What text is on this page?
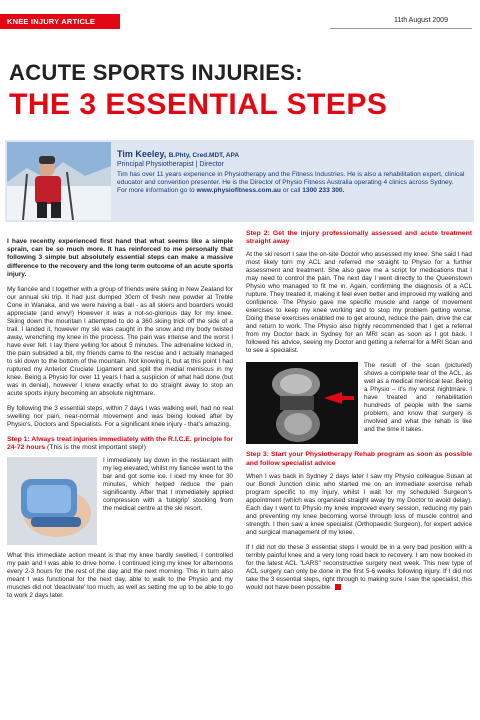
KNEE INJURY ARTICLE	11th August 2009
ACUTE SPORTS INJURIES:
THE 3 ESSENTIAL STEPS
Tim Keeley, B.Phty, Cred.MDT, APA
Principal Physiotherapist | Director
Tim has over 11 years experience in Physiotherapy and the Fitness Industries. He is also a rehabilitation expert, clinical educator and convention presenter. He is the Director of Physio Fitness Australia operating 4 clinics across Sydney.
For more information go to www.physiofitness.com.au or call 1300 233 300.

I have recently experienced first hand that what seems like a simple sprain, can be so much more. It has reinforced to me personally that following 3 simple but absolutely essential steps can make a massive difference to the recovery and the long term outcome of an acute sports injury.

My fiancée and I together with a group of friends were skiing in New Zealand for our annual ski trip. It had just dumped 30cm of fresh new powder at Treble Cone in Wanaka, and we were having a ball - as all skiers and boarders would appreciate (and envy!) However it was a not-so-glorious day for my knee. Skiing down the mountain I attempted to do a 360 skiing trick off the side of a trail. I landed it, however my ski was caught in the snow and my body twisted away, wrenching my knee in the process. The pain was intense and the worst I have ever felt. I lay there yelling for about 5 minutes. The adrenaline kicked in, the pain subsided a bit, my friends came to the rescue and I actually managed to ski down to the bottom of the mountain. Not knowing it, but at this point I had ruptured my Anterior Cruciate Ligament and split the medial meniscus in my knee. Being a Physio for over 11 years I had a suspicion of what had done (but was in denial), however I knew exactly what to do straight away to stop an acute sports injury becoming an absolute nightmare.

By following the 3 essential steps, within 7 days I was walking well, had no real swelling nor pain, near-normal movement and was being looked after by Physio's, Doctors and Specialists. For a significant knee injury - that's amazing.

Step 1: Always treat injuries immediately with the R.I.C.E. principle for 24-72 hours (This is the most important step!)
I immediately lay down in the restaurant with my leg elevated, whilst my fiancée went to the bar and got some ice. I iced my knee for 30 minutes, which helped reduce the pain significantly. After that I immediately applied compression with a 'tubigrip' stocking from the medical centre at the ski resort.

What this immediate action meant is that my knee hardly swelled, I controlled my pain and I was able to drive home. I continued icing my knee for afternoons every 2-3 hours for the rest of the day and the next morning. This in turn also meant I was functional for the next day, able to walk to the Physio and my muscles did not 'deactivate' too much, as well as setting me up to be able to go to work 2 days later.

Step 2: Get the injury professionally assessed and acute treatment straight away

At the ski resort I saw the on-site Doctor who assessed my knee. She said I had most likely torn my ACL and referred me straight to Physio for a further assessment and treatment. She also gave me a script for medications that I may need to control the pain. The next day I went directly to the Queenstown Physio who managed to fit me in. Again, confirming the diagnosis of a ACL rupture. They treated it, making it feel even better and improved my walking and confidence. The Physio gave me specific muscle and range of movement exercises to keep my knee working and to stop my problem getting worse. Doing these exercises enabled me to get around, reduce the pain, drive the car and return to work. The Physio also highly recommended that I get a referral from my Doctor back in Sydney for an MRI scan as soon as I got back. I followed his advice, seeing my Doctor and getting a referral for a MRI Scan and to see a specialist.

The result of the scan (pictured) shows a complete tear of the ACL, as well as a medical meniscal tear. Being a Physio – it's my worst nightmare. I have treated and rehabilitation hundreds of people with the same problem, and know that surgery is involved and what the rehab is like and the time it takes.
Step 3: Start your Physiotherapy Rehab program as soon as possible and follow specialist advice

When I was back in Sydney 2 days later I saw my Physio colleague Susan at our Bondi Junction clinic who started me on an immediate exercise rehab program specific to my injury, whilst I wait for my scheduled Surgeon's appointment (which was organised straight away by my Doctor to avoid delay). Each day I went to Physio my knee improved every session, reducing my pain and preventing my knee becoming worse through loss of muscle control and strength. I then saw a knee specialist (Orthopaedic Surgeon), for expert advice and surgical management of my knee.

If I did not do these 3 essential steps I would be in a very bad position with a terribly painful knee and a very long road back to recovery. I am now booked in for the latest ACL "LARS" reconstructive surgery next week. This new type of ACL surgery can only be done in the first 5-6 weeks following injury. If I did not take the 3 essential steps, right through to making sure I saw the specialist, this would not have been possible.
